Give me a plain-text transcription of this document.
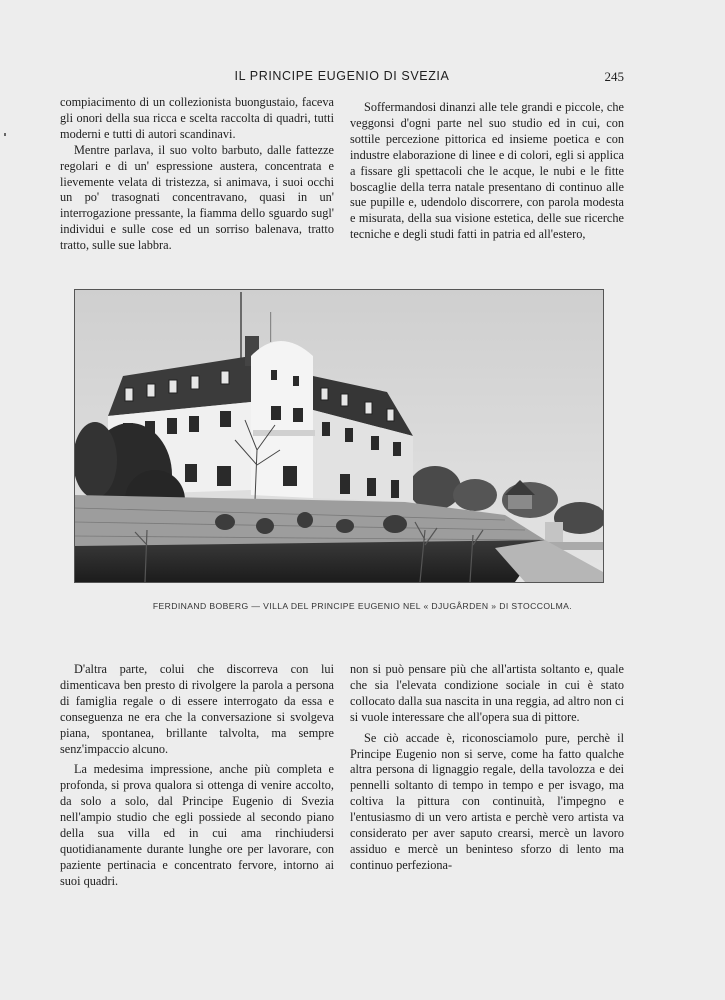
IL PRINCIPE EUGENIO DI SVEZIA	245

compiacimento di un collezionista buongustaio, faceva gli onori della sua ricca e scelta raccolta di quadri, tutti moderni e tutti di autori scandinavi.

Mentre parlava, il suo volto barbuto, dalle fattezze regolari e di un' espressione austera, concentrata e lievemente velata di tristezza, si animava, i suoi occhi un po' trasognati concentravano, quasi in un' interrogazione pressante, la fiamma dello sguardo sugl' individui e sulle cose ed un sorriso balenava, tratto tratto, sulle sue labbra.

Soffermandosi dinanzi alle tele grandi e piccole, che veggonsi d'ogni parte nel suo studio ed in cui, con sottile percezione pittorica ed insieme poetica e con industre elaborazione di linee e di colori, egli si applica a fissare gli spettacoli che le acque, le nubi e le fitte boscaglie della terra natale presentano di continuo alle sue pupille e, udendolo discorrere, con parola modesta e misurata, della sua visione estetica, delle sue ricerche tecniche e degli studi fatti in patria ed all'estero,

FERDINAND BOBERG — VILLA DEL PRINCIPE EUGENIO NEL « DJUGÅRDEN » DI STOCCOLMA.

D'altra parte, colui che discorreva con lui dimenticava ben presto di rivolgere la parola a persona di famiglia regale o di essere interrogato da essa e conseguenza ne era che la conversazione si svolgeva piana, spontanea, brillante talvolta, ma sempre senz'impaccio alcuno.

La medesima impressione, anche più completa e profonda, si prova qualora si ottenga di venire accolto, da solo a solo, dal Principe Eugenio di Svezia nell'ampio studio che egli possiede al secondo piano della sua villa ed in cui ama rinchiudersi quotidianamente durante lunghe ore per lavorare, con paziente pertinacia e concentrato fervore, intorno ai suoi quadri.

non si può pensare più che all'artista soltanto e, quale che sia l'elevata condizione sociale in cui è stato collocato dalla sua nascita in una reggia, ad altro non ci si vuole interessare che all'opera sua di pittore.

Se ciò accade è, riconosciamolo pure, perchè il Principe Eugenio non si serve, come ha fatto qualche altra persona di lignaggio regale, della tavolozza e dei pennelli soltanto di tempo in tempo e per isvago, ma coltiva la pittura con continuità, l'impegno e l'entusiasmo di un vero artista e perchè vero artista va considerato per aver saputo crearsi, mercè un lavoro assiduo e mercè un beninteso sforzo di lento ma continuo perfeziona-
